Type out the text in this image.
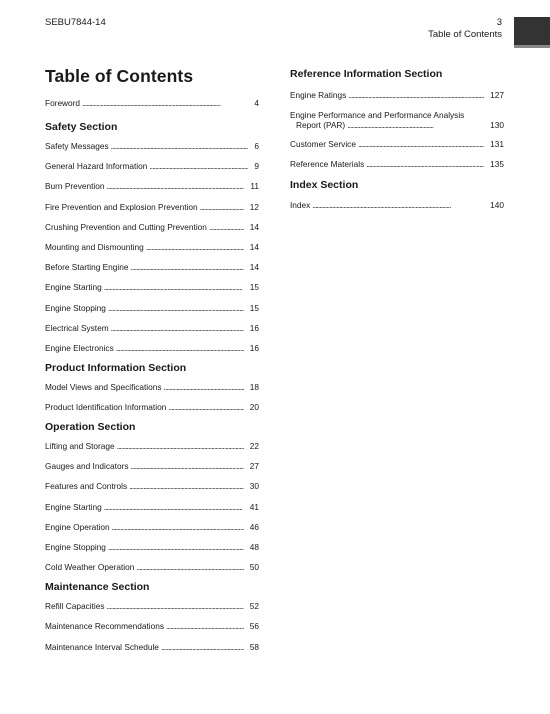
SEBU7844-14	3
Table of Contents
Table of Contents
Foreword . . .	4
Safety Section
Safety Messages . . .	6
General Hazard Information . . .	9
Burn Prevention . . .	11
Fire Prevention and Explosion Prevention . . .	12
Crushing Prevention and Cutting Prevention . . .	14
Mounting and Dismounting . . .	14
Before Starting Engine . . .	14
Engine Starting . . .	15
Engine Stopping . . .	15
Electrical System . . .	16
Engine Electronics . . .	16
Product Information Section
Model Views and Specifications . . .	18
Product Identification Information . . .	20
Operation Section
Lifting and Storage . . .	22
Gauges and Indicators . . .	27
Features and Controls . . .	30
Engine Starting . . .	41
Engine Operation . . .	46
Engine Stopping . . .	48
Cold Weather Operation . . .	50
Maintenance Section
Refill Capacities . . .	52
Maintenance Recommendations . . .	56
Maintenance Interval Schedule . . .	58
Reference Information Section
Engine Ratings . . .	127
Engine Performance and Performance Analysis
Report (PAR) . . .	130
Customer Service . . .	131
Reference Materials . . .	135
Index Section
Index . . .	140
